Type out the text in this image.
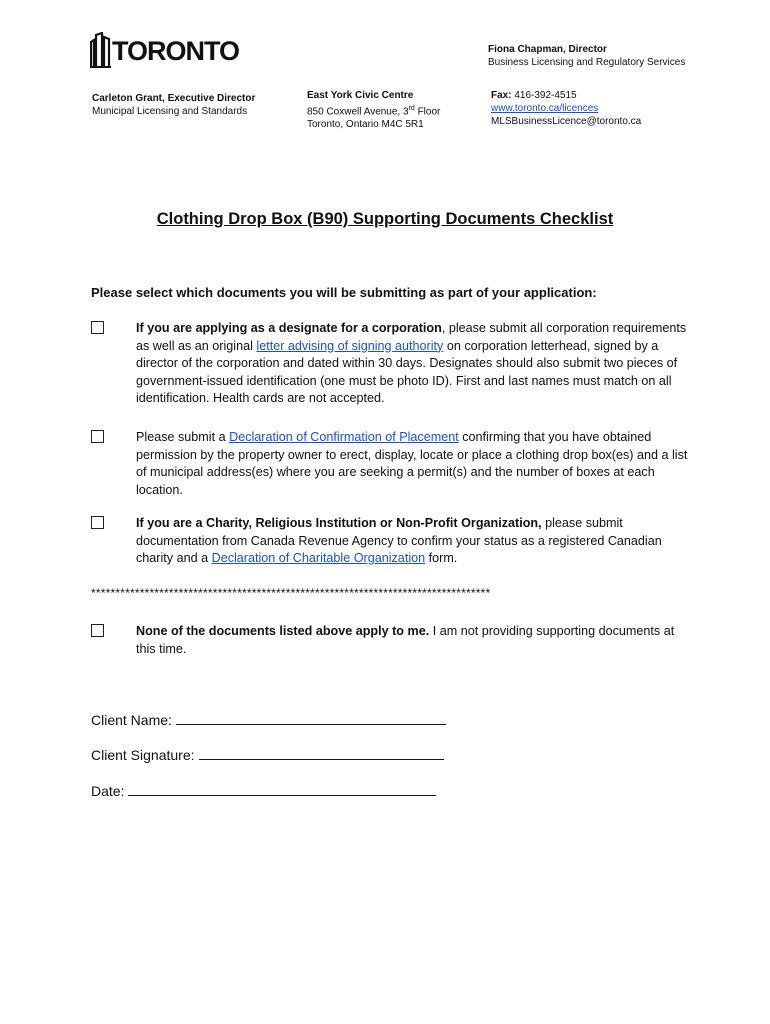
TORONTO	Fiona Chapman, Director
Business Licensing and Regulatory Services
Carleton Grant, Executive Director
Municipal Licensing and Standards
East York Civic Centre
850 Coxwell Avenue, 3rd Floor
Toronto, Ontario M4C 5R1
Fax: 416-392-4515
www.toronto.ca/licences
MLSBusinessLicence@toronto.ca
Clothing Drop Box (B90) Supporting Documents Checklist
Please select which documents you will be submitting as part of your application:
If you are applying as a designate for a corporation, please submit all corporation requirements as well as an original letter advising of signing authority on corporation letterhead, signed by a director of the corporation and dated within 30 days. Designates should also submit two pieces of government-issued identification (one must be photo ID). First and last names must match on all identification. Health cards are not accepted.
Please submit a Declaration of Confirmation of Placement confirming that you have obtained permission by the property owner to erect, display, locate or place a clothing drop box(es) and a list of municipal address(es) where you are seeking a permit(s) and the number of boxes at each location.
If you are a Charity, Religious Institution or Non-Profit Organization, please submit documentation from Canada Revenue Agency to confirm your status as a registered Canadian charity and a Declaration of Charitable Organization form.
**********************************************************************************
None of the documents listed above apply to me. I am not providing supporting documents at this time.
Client Name:
Client Signature:
Date:
